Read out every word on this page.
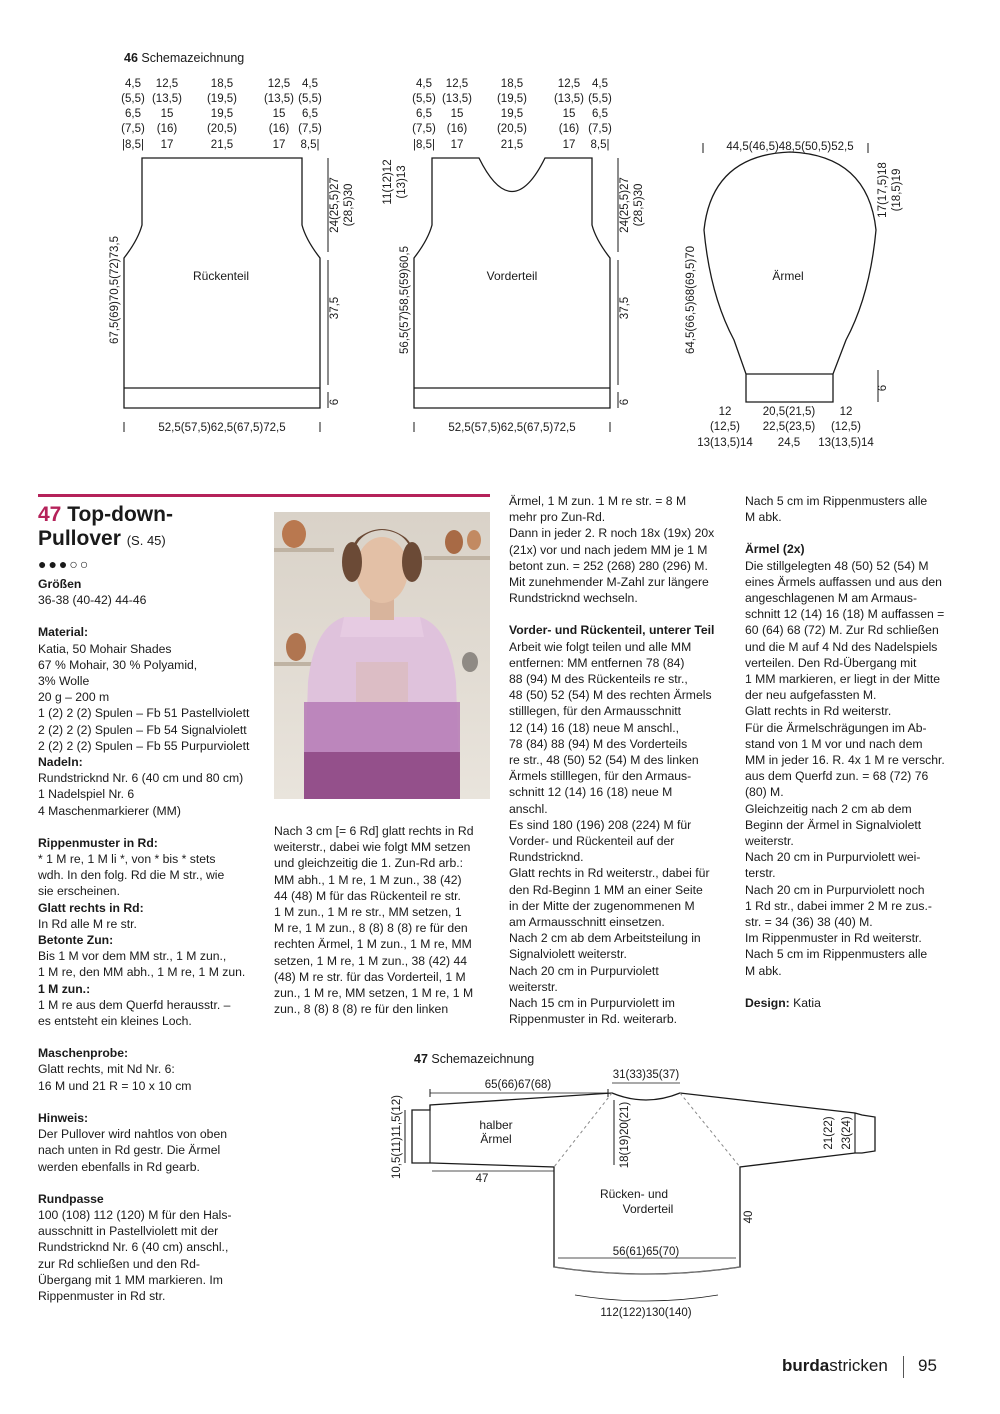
46 Schemazeichnung
4,5
(5,5)
6,5
(7,5)
|8,5|
12,5
(13,5)
15
(16)
17
18,5
(19,5)
19,5
(20,5)
21,5
12,5
(13,5)
15
(16)
17
4,5
(5,5)
6,5
(7,5)
8,5|
Rückenteil
67,5(69)70,5(72)73,5
24(25,5)27 (28,5)30
37,5
6
52,5(57,5)62,5(67,5)72,5
4,5
(5,5)
6,5
(7,5)
|8,5|
12,5
(13,5)
15
(16)
17
18,5
(19,5)
19,5
(20,5)
21,5
12,5
(13,5)
15
(16)
17
4,5
(5,5)
6,5
(7,5)
8,5|
Vorderteil
56,5(57)58,5(59)60,5
11(12)12 (13)13	24(25,5)27 (28,5)30
37,5
6
52,5(57,5)62,5(67,5)72,5
44,5(46,5)48,5(50,5)52,5
Ärmel
17(17,5)18 (18,5)19
64,5(66,5)68(69,5)70
6
12
(12,5)
13(13,5)14
20,5(21,5)
22,5(23,5)
24,5
12
(12,5)
13(13,5)14
47 Top-down-
Pullover (S. 45)
●●●○○

Größen

36-38 (40-42) 44-46

Material:

Katia, 50 Mohair Shades
67 % Mohair, 30 % Polyamid,
3% Wolle
20 g – 200 m
1 (2) 2 (2) Spulen – Fb 51 Pastellviolett
2 (2) 2 (2) Spulen – Fb 54 Signalviolett
2 (2) 2 (2) Spulen – Fb 55 Purpurviolett

Nadeln:

Rundstricknd Nr. 6 (40 cm und 80 cm)
1 Nadelspiel Nr. 6
4 Maschenmarkierer (MM)

Rippenmuster in Rd:

* 1 M re, 1 M li *, von * bis * stets
wdh. In den folg. Rd die M str., wie
sie erscheinen.

Glatt rechts in Rd:

In Rd alle M re str.

Betonte Zun:

Bis 1 M vor dem MM str., 1 M zun.,
1 M re, den MM abh., 1 M re, 1 M zun.

1 M zun.:

1 M re aus dem Querfd herausstr. –
es entsteht ein kleines Loch.

Maschenprobe:

Glatt rechts, mit Nd Nr. 6:
16 M und 21 R = 10 x 10 cm

Hinweis:

Der Pullover wird nahtlos von oben
nach unten in Rd gestr. Die Ärmel
werden ebenfalls in Rd gearb.

Rundpasse

100 (108) 112 (120) M für den Hals-
ausschnitt in Pastellviolett mit der
Rundstricknd Nr. 6 (40 cm) anschl.,
zur Rd schließen und den Rd-
Übergang mit 1 MM markieren. Im
Rippenmuster in Rd str.

Nach 3 cm [= 6 Rd] glatt rechts in Rd
weiterstr., dabei wie folgt MM setzen
und gleichzeitig die 1. Zun-Rd arb.:
MM abh., 1 M re, 1 M zun., 38 (42)
44 (48) M für das Rückenteil re str.
1 M zun., 1 M re str., MM setzen, 1
M re, 1 M zun., 8 (8) 8 (8) re für den
rechten Ärmel, 1 M zun., 1 M re, MM
setzen, 1 M re, 1 M zun., 38 (42) 44
(48) M re str. für das Vorderteil, 1 M
zun., 1 M re, MM setzen, 1 M re, 1 M
zun., 8 (8) 8 (8) re für den linken

Ärmel, 1 M zun. 1 M re str. = 8 M
mehr pro Zun-Rd.
Dann in jeder 2. R noch 18x (19x) 20x
(21x) vor und nach jedem MM je 1 M
betont zun. = 252 (268) 280 (296) M.
Mit zunehmender M-Zahl zur längere
Rundstricknd wechseln.

Vorder- und Rückenteil, unterer Teil

Arbeit wie folgt teilen und alle MM
entfernen: MM entfernen 78 (84)
88 (94) M des Rückenteils re str.,
48 (50) 52 (54) M des rechten Ärmels
stilllegen, für den Armausschnitt
12 (14) 16 (18) neue M anschl.,
78 (84) 88 (94) M des Vorderteils
re str., 48 (50) 52 (54) M des linken
Ärmels stilllegen, für den Armaus-
schnitt 12 (14) 16 (18) neue M
anschl.
Es sind 180 (196) 208 (224) M für
Vorder- und Rückenteil auf der
Rundstricknd.
Glatt rechts in Rd weiterstr., dabei für
den Rd-Beginn 1 MM an einer Seite
in der Mitte der zugenommenen M
am Armausschnitt einsetzen.
Nach 2 cm ab dem Arbeitsteilung in
Signalviolett weiterstr.
Nach 20 cm in Purpurviolett
weiterstr.
Nach 15 cm in Purpurviolett im
Rippenmuster in Rd. weiterarb.

Nach 5 cm im Rippenmusters alle
M abk.

Ärmel (2x)

Die stillgelegten 48 (50) 52 (54) M
eines Ärmels auffassen und aus den
angeschlagenen M am Armaus-
schnitt 12 (14) 16 (18) M auffassen =
60 (64) 68 (72) M. Zur Rd schließen
und die M auf 4 Nd des Nadelspiels
verteilen. Den Rd-Übergang mit
1 MM markieren, er liegt in der Mitte
der neu aufgefassten M.
Glatt rechts in Rd weiterstr.
Für die Ärmelschrägungen im Ab-
stand von 1 M vor und nach dem
MM in jeder 16. R. 4x 1 M re verschr.
aus dem Querfd zun. = 68 (72) 76
(80) M.
Gleichzeitig nach 2 cm ab dem
Beginn der Ärmel in Signalviolett
weiterstr.
Nach 20 cm in Purpurviolett wei-
terstr.
Nach 20 cm in Purpurviolett noch
1 Rd str., dabei immer 2 M re zus.-
str. = 34 (36) 38 (40) M.
Im Rippenmuster in Rd weiterstr.
Nach 5 cm im Rippenmusters alle
M abk.

Design: Katia

47 Schemazeichnung
65(66)67(68)
31(33)35(37)
halber
Ärmel
10,5(11)11,5(12)
47
18(19)20(21)	21(22) 23(24)
Rücken- und
Vorderteil
40
56(61)65(70)
112(122)130(140)
burdastricken 95
